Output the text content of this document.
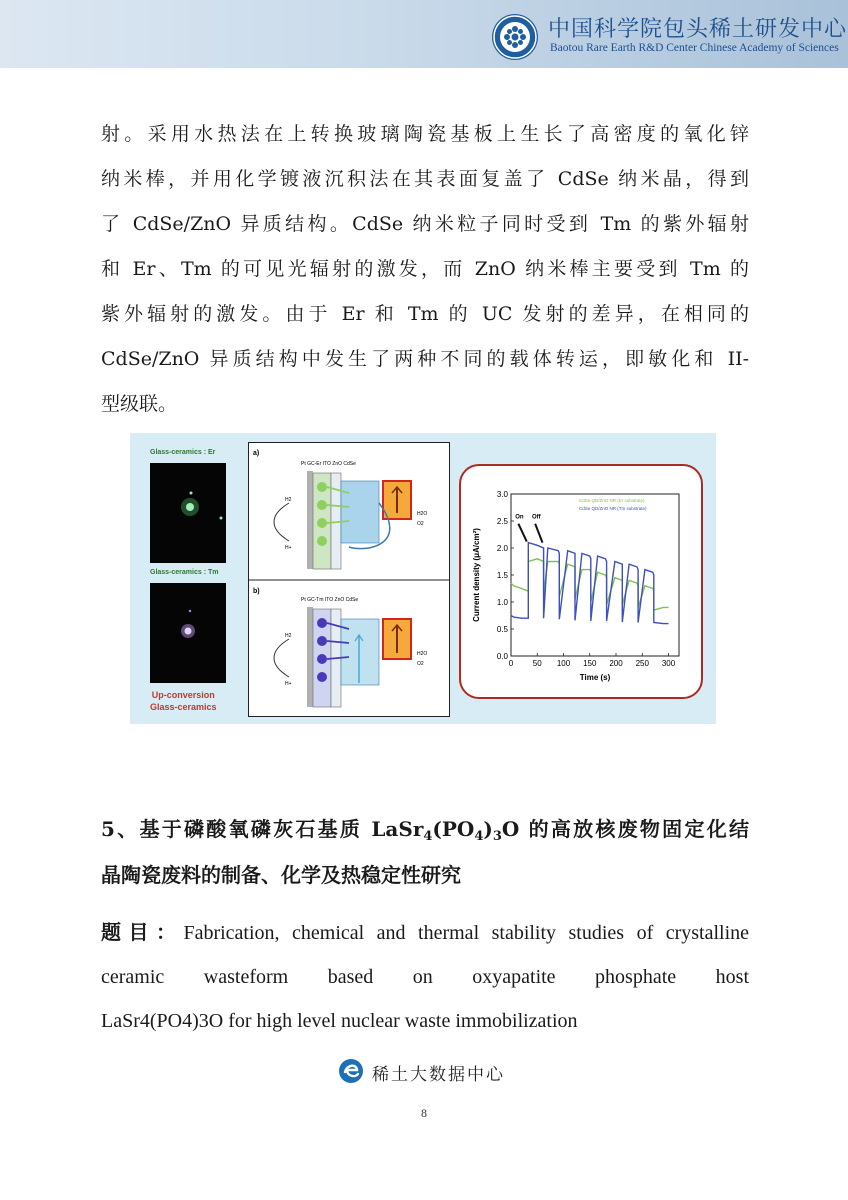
中国科学院包头稀土研发中心
Baotou Rare Earth R&D Center Chinese Academy of Sciences
射。采用水热法在上转换玻璃陶瓷基板上生长了高密度的氧化锌
纳米棒，并用化学镀液沉积法在其表面复盖了 CdSe 纳米晶，得到
了 CdSe/ZnO 异质结构。CdSe 纳米粒子同时受到 Tm 的紫外辐射
和 Er、Tm 的可见光辐射的激发，而 ZnO 纳米棒主要受到 Tm 的
紫外辐射的激发。由于 Er 和 Tm 的 UC 发射的差异，在相同的
CdSe/ZnO 异质结构中发生了两种不同的载体转运，即敏化和 II-
型级联。
Glass-ceramics : Er
Glass-ceramics : Tm
Up-conversion
Glass-ceramics
a)
Pt GC-Er ITO ZnO CdSe
H2
H+
H2O
O2
b)
Pt GC-Tm ITO ZnO CdSe
H2
H+
H2O
O2	0 50 100 150 200 250 300
0.0
0.5
1.0
1.5
2.0
2.5
3.0
Time (s)
Current density (μA/cm²)
CdSe QD/ZnO NR (Er substrate)
CdSe QD/ZnO NR (Tm substrate)
On Off
5、基于磷酸氧磷灰石基质 $LaSr_4(PO_4)_3O$ 的高放核废物固定化结
晶陶瓷废料的制备、化学及热稳定性研究
题目：Fabrication, chemical and thermal stability studies of crystalline
ceramic wasteform based on oxyapatite phosphate host
LaSr4(PO4)3O for high level nuclear waste immobilization
稀土大数据中心
8
